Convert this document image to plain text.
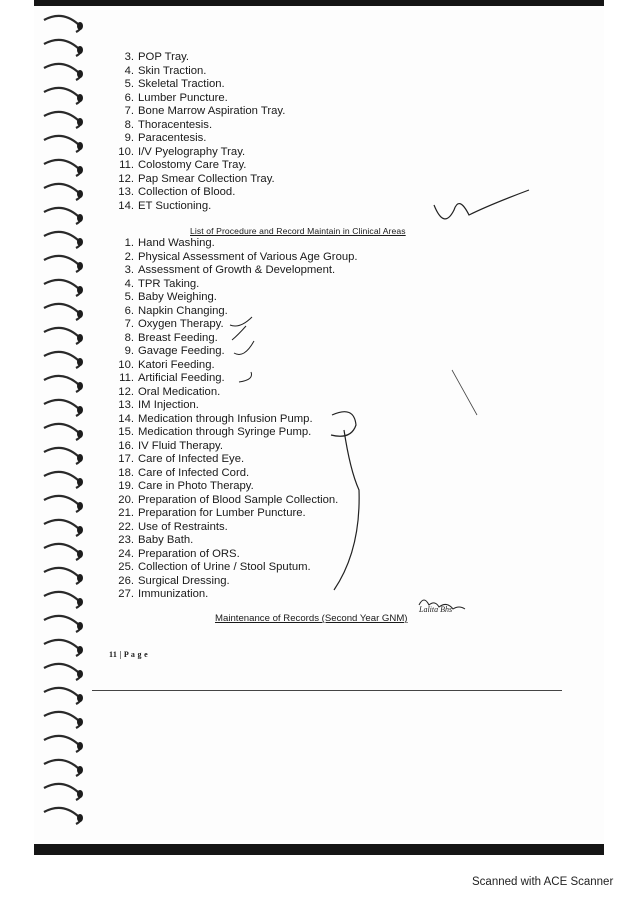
3. POP Tray.
4. Skin Traction.
5. Skeletal Traction.
6. Lumber Puncture.
7. Bone Marrow Aspiration Tray.
8. Thoracentesis.
9. Paracentesis.
10. I/V Pyelography Tray.
11. Colostomy Care Tray.
12. Pap Smear Collection Tray.
13. Collection of Blood.
14. ET Suctioning.
List of Procedure and Record Maintain in Clinical Areas
1. Hand Washing.
2. Physical Assessment of Various Age Group.
3. Assessment of Growth & Development.
4. TPR Taking.
5. Baby Weighing.
6. Napkin Changing.
7. Oxygen Therapy.
8. Breast Feeding.
9. Gavage Feeding.
10. Katori Feeding.
11. Artificial Feeding.
12. Oral Medication.
13. IM Injection.
14. Medication through Infusion Pump.
15. Medication through Syringe Pump.
16. IV Fluid Therapy.
17. Care of Infected Eye.
18. Care of Infected Cord.
19. Care in Photo Therapy.
20. Preparation of Blood Sample Collection.
21. Preparation for Lumber Puncture.
22. Use of Restraints.
23. Baby Bath.
24. Preparation of ORS.
25. Collection of Urine / Stool Sputum.
26. Surgical Dressing.
27. Immunization.
Maintenance of Records (Second Year GNM)
11 | P a g e
Lalita Bhs
Scanned with ACE Scanner
